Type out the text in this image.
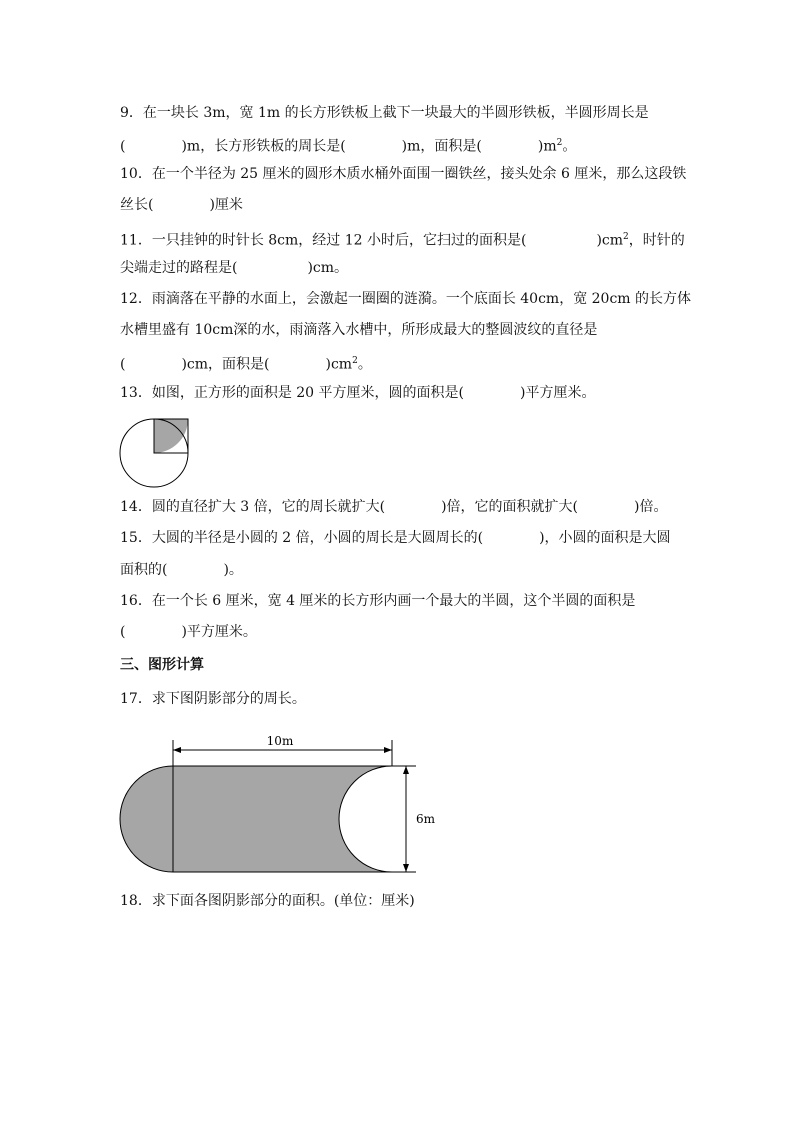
9．在一块长 3m，宽 1m 的长方形铁板上截下一块最大的半圆形铁板，半圆形周长是
(　　　　)m，长方形铁板的周长是(　　　　)m，面积是(　　　　)$m^2$。
10．在一个半径为 25 厘米的圆形木质水桶外面围一圈铁丝，接头处余 6 厘米，那么这段铁
丝长(　　　　)厘米
11．一只挂钟的时针长 8cm，经过 12 小时后，它扫过的面积是(　　　　　)$cm^2$，时针的
尖端走过的路程是(　　　　　)cm。
12．雨滴落在平静的水面上，会激起一圈圈的涟漪。一个底面长 40cm，宽 20cm 的长方体
水槽里盛有 10cm深的水，雨滴落入水槽中，所形成最大的整圆波纹的直径是
(　　　　)cm，面积是(　　　　)$cm^2$。
13．如图，正方形的面积是 20 平方厘米，圆的面积是(　　　　)平方厘米。
14．圆的直径扩大 3 倍，它的周长就扩大(　　　　)倍，它的面积就扩大(　　　　)倍。
15．大圆的半径是小圆的 2 倍，小圆的周长是大圆周长的(　　　　)，小圆的面积是大圆
面积的(　　　　)。
16．在一个长 6 厘米，宽 4 厘米的长方形内画一个最大的半圆，这个半圆的面积是
(　　　　)平方厘米。
三、图形计算
17．求下图阴影部分的周长。
10m
6m
18．求下面各图阴影部分的面积。(单位：厘米)
